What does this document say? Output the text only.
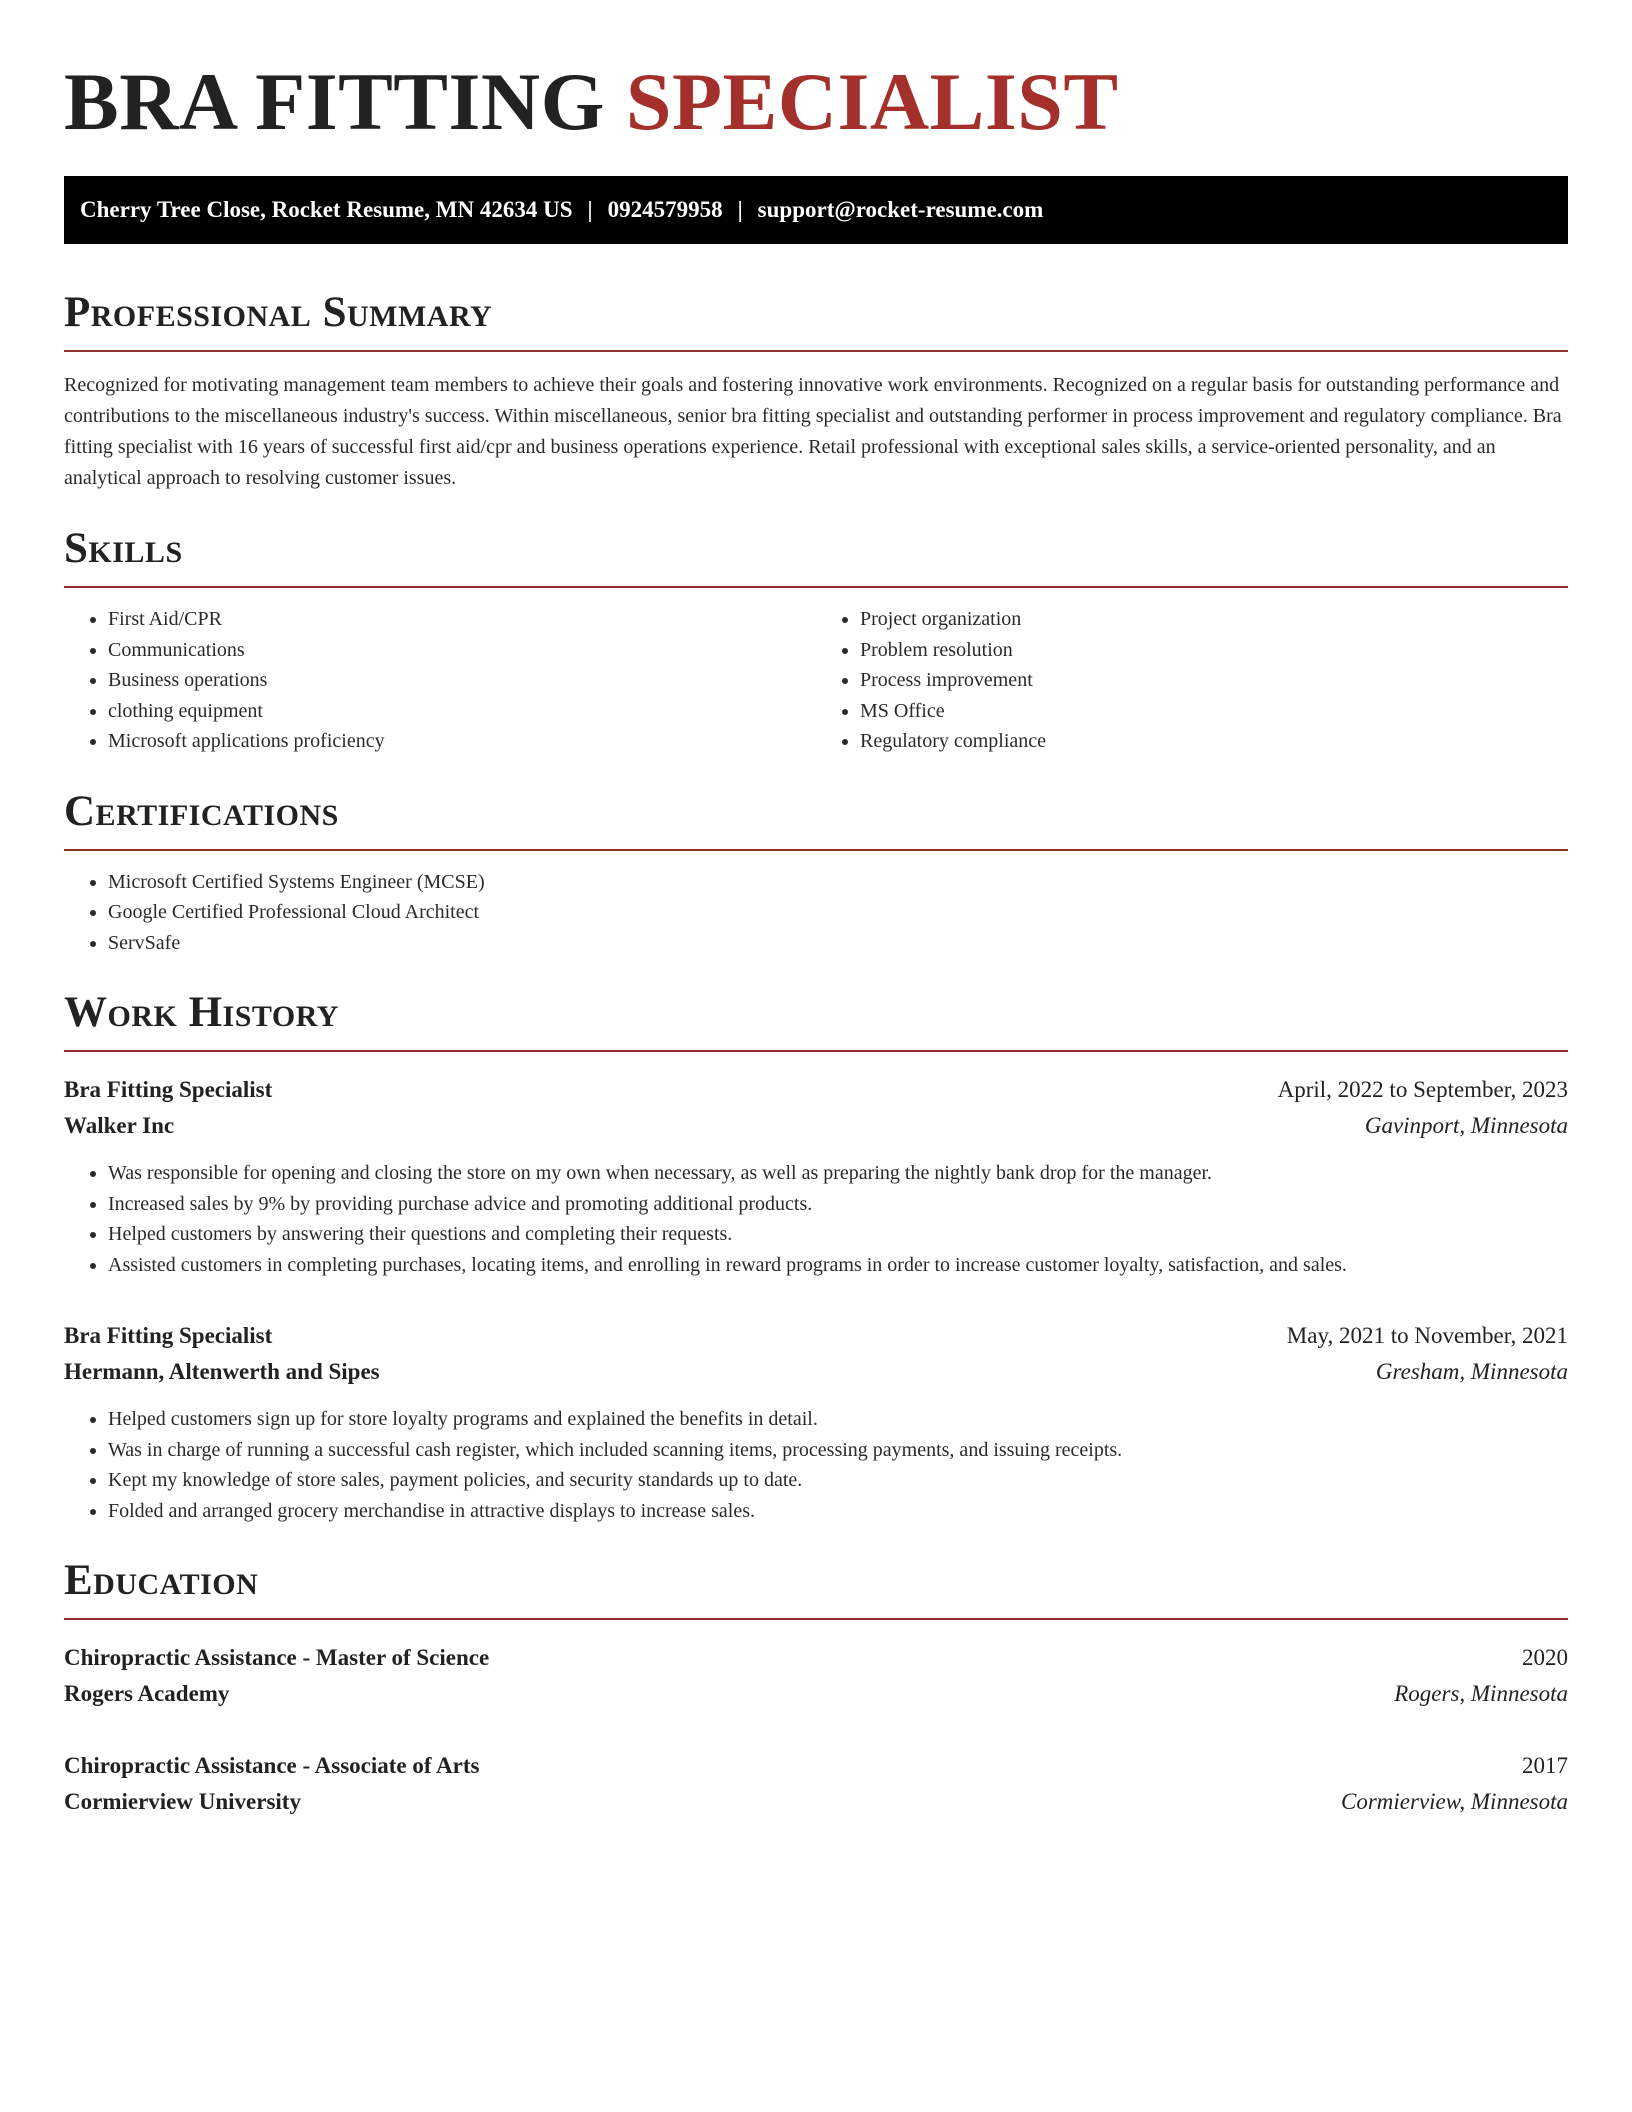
BRA FITTING SPECIALIST
Cherry Tree Close, Rocket Resume, MN 42634 US | 0924579958 | support@rocket-resume.com
Professional Summary

Recognized for motivating management team members to achieve their goals and fostering innovative work environments. Recognized on a regular basis for outstanding performance and contributions to the miscellaneous industry's success. Within miscellaneous, senior bra fitting specialist and outstanding performer in process improvement and regulatory compliance. Bra fitting specialist with 16 years of successful first aid/cpr and business operations experience. Retail professional with exceptional sales skills, a service-oriented personality, and an analytical approach to resolving customer issues.

Skills
• First Aid/CPR
• Communications
• Business operations
• clothing equipment
• Microsoft applications proficiency
• Project organization
• Problem resolution
• Process improvement
• MS Office
• Regulatory compliance
Certifications
• Microsoft Certified Systems Engineer (MCSE)
• Google Certified Professional Cloud Architect
• ServSafe
Work History
Bra Fitting Specialist	April, 2022 to September, 2023
Walker Inc	Gavinport, Minnesota
• Was responsible for opening and closing the store on my own when necessary, as well as preparing the nightly bank drop for the manager.
• Increased sales by 9% by providing purchase advice and promoting additional products.
• Helped customers by answering their questions and completing their requests.
• Assisted customers in completing purchases, locating items, and enrolling in reward programs in order to increase customer loyalty, satisfaction, and sales.
Bra Fitting Specialist	May, 2021 to November, 2021
Hermann, Altenwerth and Sipes	Gresham, Minnesota
• Helped customers sign up for store loyalty programs and explained the benefits in detail.
• Was in charge of running a successful cash register, which included scanning items, processing payments, and issuing receipts.
• Kept my knowledge of store sales, payment policies, and security standards up to date.
• Folded and arranged grocery merchandise in attractive displays to increase sales.
Education
Chiropractic Assistance - Master of Science	2020
Rogers Academy	Rogers, Minnesota
Chiropractic Assistance - Associate of Arts	2017
Cormierview University	Cormierview, Minnesota
